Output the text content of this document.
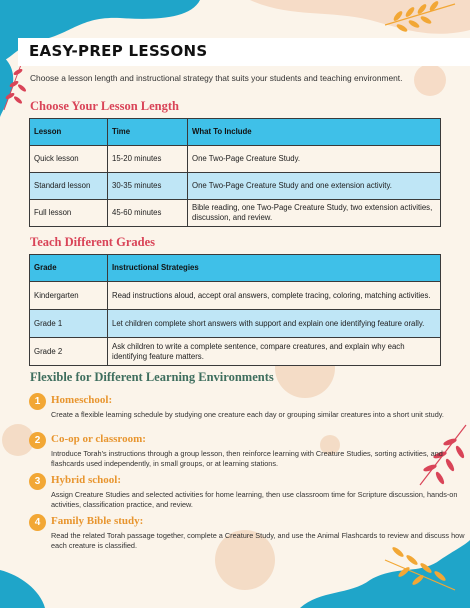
EASY-PREP LESSONS

Choose a lesson length and instructional strategy that suits your students and teaching environment.

Choose Your Lesson Length
Lesson	Time	What To Include
Quick lesson	15-20 minutes	One Two-Page Creature Study.
Standard lesson	30-35 minutes	One Two-Page Creature Study and one extension activity.
Full lesson	45-60 minutes	Bible reading, one Two-Page Creature Study, two extension activities, discussion, and review.
Teach Different Grades
Grade	Instructional Strategies
Kindergarten	Read instructions aloud, accept oral answers, complete tracing, coloring, matching activities.
Grade 1	Let children complete short answers with support and explain one identifying feature orally.
Grade 2	Ask children to write a complete sentence, compare creatures, and explain why each identifying feature matters.
Flexible for Different Learning Environments
1 Homeschool:

Create a flexible learning schedule by studying one creature each day or grouping similar creatures into a short unit study.

2 Co-op or classroom:

Introduce Torah's instructions through a group lesson, then reinforce learning with Creature Studies, sorting activities, and flashcards used independently, in small groups, or at learning stations.

3 Hybrid school:

Assign Creature Studies and selected activities for home learning, then use classroom time for Scripture discussion, hands-on activities, classification practice, and review.

4 Family Bible study:

Read the related Torah passage together, complete a Creature Study, and use the Animal Flashcards to review and discuss how each creature is classified.
